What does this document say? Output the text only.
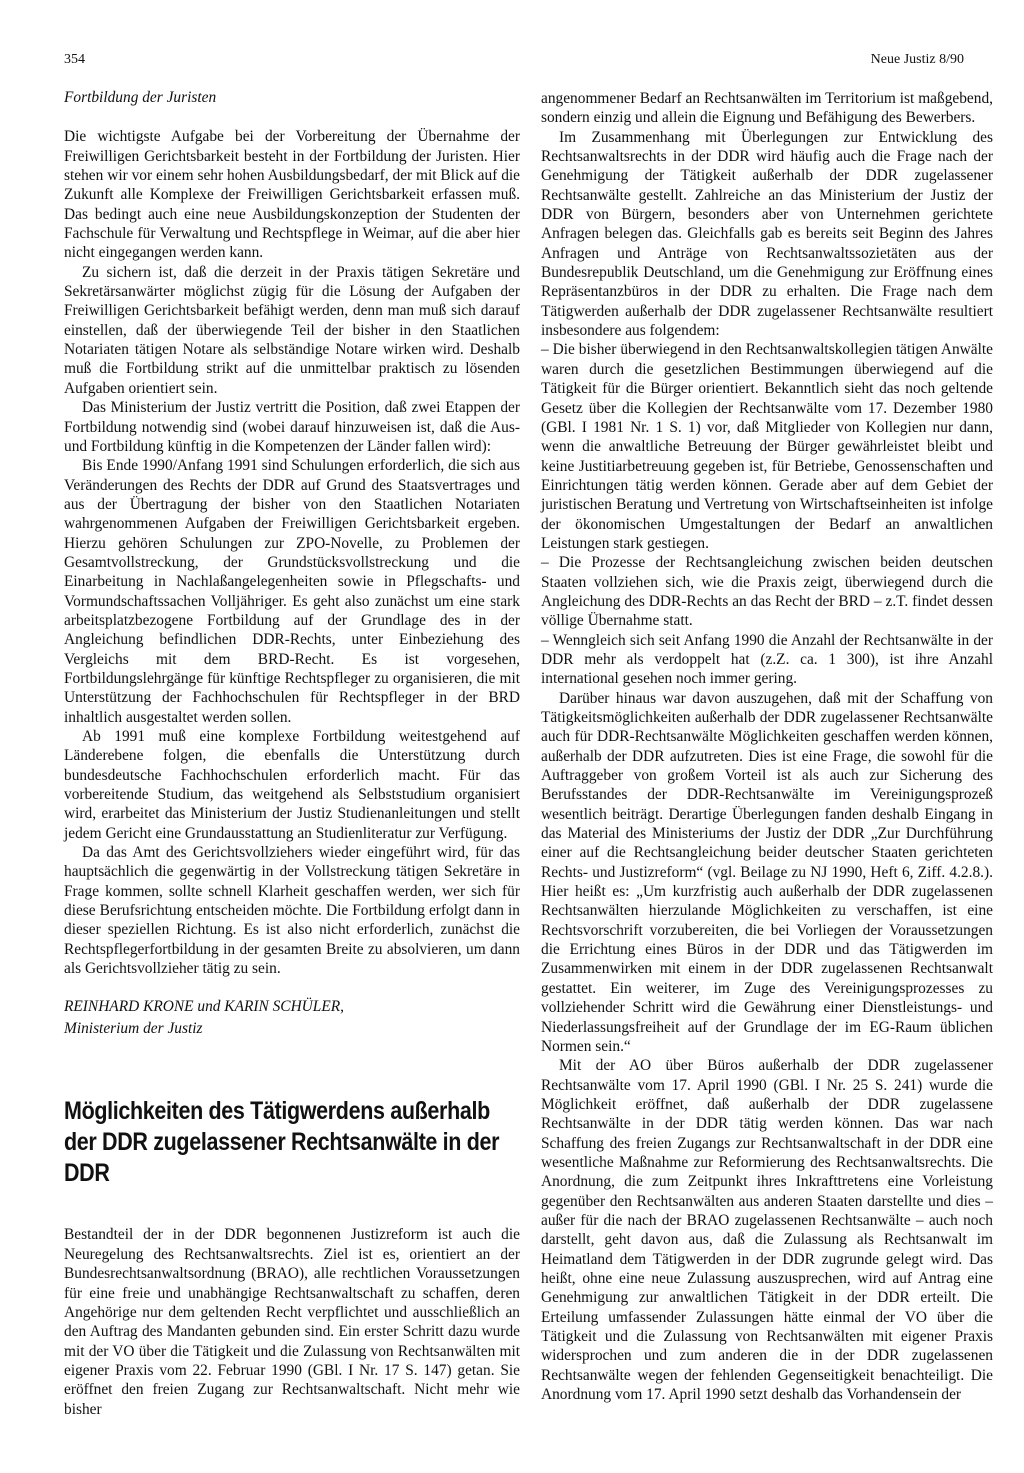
354	Neue Justiz 8/90

Fortbildung der Juristen

Die wichtigste Aufgabe bei der Vorbereitung der Übernahme der Freiwilligen Gerichtsbarkeit besteht in der Fortbildung der Juristen. Hier stehen wir vor einem sehr hohen Ausbildungsbedarf, der mit Blick auf die Zukunft alle Komplexe der Freiwilligen Gerichtsbarkeit erfassen muß. Das bedingt auch eine neue Ausbildungskonzeption der Studenten der Fachschule für Verwaltung und Rechtspflege in Weimar, auf die aber hier nicht eingegangen werden kann.

Zu sichern ist, daß die derzeit in der Praxis tätigen Sekretäre und Sekretärsanwärter möglichst zügig für die Lösung der Aufgaben der Freiwilligen Gerichtsbarkeit befähigt werden, denn man muß sich darauf einstellen, daß der überwiegende Teil der bisher in den Staatlichen Notariaten tätigen Notare als selbständige Notare wirken wird. Deshalb muß die Fortbildung strikt auf die unmittelbar praktisch zu lösenden Aufgaben orientiert sein.

Das Ministerium der Justiz vertritt die Position, daß zwei Etappen der Fortbildung notwendig sind (wobei darauf hinzuweisen ist, daß die Aus- und Fortbildung künftig in die Kompetenzen der Länder fallen wird):

Bis Ende 1990/Anfang 1991 sind Schulungen erforderlich, die sich aus Veränderungen des Rechts der DDR auf Grund des Staatsvertrages und aus der Übertragung der bisher von den Staatlichen Notariaten wahrgenommenen Aufgaben der Freiwilligen Gerichtsbarkeit ergeben. Hierzu gehören Schulungen zur ZPO-Novelle, zu Problemen der Gesamtvollstreckung, der Grundstücksvollstreckung und die Einarbeitung in Nachlaßangelegenheiten sowie in Pflegschafts- und Vormundschaftssachen Volljähriger. Es geht also zunächst um eine stark arbeitsplatzbezogene Fortbildung auf der Grundlage des in der Angleichung befindlichen DDR-Rechts, unter Einbeziehung des Vergleichs mit dem BRD-Recht. Es ist vorgesehen, Fortbildungslehrgänge für künftige Rechtspfleger zu organisieren, die mit Unterstützung der Fachhochschulen für Rechtspfleger in der BRD inhaltlich ausgestaltet werden sollen.

Ab 1991 muß eine komplexe Fortbildung weitestgehend auf Länderebene folgen, die ebenfalls die Unterstützung durch bundesdeutsche Fachhochschulen erforderlich macht. Für das vorbereitende Studium, das weitgehend als Selbststudium organisiert wird, erarbeitet das Ministerium der Justiz Studienanleitungen und stellt jedem Gericht eine Grundausstattung an Studienliteratur zur Verfügung.

Da das Amt des Gerichtsvollziehers wieder eingeführt wird, für das hauptsächlich die gegenwärtig in der Vollstreckung tätigen Sekretäre in Frage kommen, sollte schnell Klarheit geschaffen werden, wer sich für diese Berufsrichtung entscheiden möchte. Die Fortbildung erfolgt dann in dieser speziellen Richtung. Es ist also nicht erforderlich, zunächst die Rechtspflegerfortbildung in der gesamten Breite zu absolvieren, um dann als Gerichtsvollzieher tätig zu sein.

REINHARD KRONE und KARIN SCHÜLER,

Ministerium der Justiz

Möglichkeiten des Tätigwerdens außerhalb der DDR zugelassener Rechtsanwälte in der DDR

Bestandteil der in der DDR begonnenen Justizreform ist auch die Neuregelung des Rechtsanwaltsrechts. Ziel ist es, orientiert an der Bundesrechtsanwaltsordnung (BRAO), alle rechtlichen Voraussetzungen für eine freie und unabhängige Rechtsanwaltschaft zu schaffen, deren Angehörige nur dem geltenden Recht verpflichtet und ausschließlich an den Auftrag des Mandanten gebunden sind. Ein erster Schritt dazu wurde mit der VO über die Tätigkeit und die Zulassung von Rechtsanwälten mit eigener Praxis vom 22. Februar 1990 (GBl. I Nr. 17 S. 147) getan. Sie eröffnet den freien Zugang zur Rechtsanwaltschaft. Nicht mehr wie bisher

angenommener Bedarf an Rechtsanwälten im Territorium ist maßgebend, sondern einzig und allein die Eignung und Befähigung des Bewerbers.

Im Zusammenhang mit Überlegungen zur Entwicklung des Rechtsanwaltsrechts in der DDR wird häufig auch die Frage nach der Genehmigung der Tätigkeit außerhalb der DDR zugelassener Rechtsanwälte gestellt. Zahlreiche an das Ministerium der Justiz der DDR von Bürgern, besonders aber von Unternehmen gerichtete Anfragen belegen das. Gleichfalls gab es bereits seit Beginn des Jahres Anfragen und Anträge von Rechtsanwaltssozietäten aus der Bundesrepublik Deutschland, um die Genehmigung zur Eröffnung eines Repräsentanzbüros in der DDR zu erhalten. Die Frage nach dem Tätigwerden außerhalb der DDR zugelassener Rechtsanwälte resultiert insbesondere aus folgendem:

– Die bisher überwiegend in den Rechtsanwaltskollegien tätigen Anwälte waren durch die gesetzlichen Bestimmungen überwiegend auf die Tätigkeit für die Bürger orientiert. Bekanntlich sieht das noch geltende Gesetz über die Kollegien der Rechtsanwälte vom 17. Dezember 1980 (GBl. I 1981 Nr. 1 S. 1) vor, daß Mitglieder von Kollegien nur dann, wenn die anwaltliche Betreuung der Bürger gewährleistet bleibt und keine Justitiarbetreuung gegeben ist, für Betriebe, Genossenschaften und Einrichtungen tätig werden können. Gerade aber auf dem Gebiet der juristischen Beratung und Vertretung von Wirtschaftseinheiten ist infolge der ökonomischen Umgestaltungen der Bedarf an anwaltlichen Leistungen stark gestiegen.

– Die Prozesse der Rechtsangleichung zwischen beiden deutschen Staaten vollziehen sich, wie die Praxis zeigt, überwiegend durch die Angleichung des DDR-Rechts an das Recht der BRD – z.T. findet dessen völlige Übernahme statt.

– Wenngleich sich seit Anfang 1990 die Anzahl der Rechtsanwälte in der DDR mehr als verdoppelt hat (z.Z. ca. 1 300), ist ihre Anzahl international gesehen noch immer gering.

Darüber hinaus war davon auszugehen, daß mit der Schaffung von Tätigkeitsmöglichkeiten außerhalb der DDR zugelassener Rechtsanwälte auch für DDR-Rechtsanwälte Möglichkeiten geschaffen werden können, außerhalb der DDR aufzutreten. Dies ist eine Frage, die sowohl für die Auftraggeber von großem Vorteil ist als auch zur Sicherung des Berufsstandes der DDR-Rechtsanwälte im Vereinigungsprozeß wesentlich beiträgt. Derartige Überlegungen fanden deshalb Eingang in das Material des Ministeriums der Justiz der DDR „Zur Durchführung einer auf die Rechtsangleichung beider deutscher Staaten gerichteten Rechts- und Justizreform“ (vgl. Beilage zu NJ 1990, Heft 6, Ziff. 4.2.8.). Hier heißt es: „Um kurzfristig auch außerhalb der DDR zugelassenen Rechtsanwälten hierzulande Möglichkeiten zu verschaffen, ist eine Rechtsvorschrift vorzubereiten, die bei Vorliegen der Voraussetzungen die Errichtung eines Büros in der DDR und das Tätigwerden im Zusammenwirken mit einem in der DDR zugelassenen Rechtsanwalt gestattet. Ein weiterer, im Zuge des Vereinigungsprozesses zu vollziehender Schritt wird die Gewährung einer Dienstleistungs- und Niederlassungsfreiheit auf der Grundlage der im EG-Raum üblichen Normen sein.“

Mit der AO über Büros außerhalb der DDR zugelassener Rechtsanwälte vom 17. April 1990 (GBl. I Nr. 25 S. 241) wurde die Möglichkeit eröffnet, daß außerhalb der DDR zugelassene Rechtsanwälte in der DDR tätig werden können. Das war nach Schaffung des freien Zugangs zur Rechtsanwaltschaft in der DDR eine wesentliche Maßnahme zur Reformierung des Rechtsanwaltsrechts. Die Anordnung, die zum Zeitpunkt ihres Inkrafttretens eine Vorleistung gegenüber den Rechtsanwälten aus anderen Staaten darstellte und dies – außer für die nach der BRAO zugelassenen Rechtsanwälte – auch noch darstellt, geht davon aus, daß die Zulassung als Rechtsanwalt im Heimatland dem Tätigwerden in der DDR zugrunde gelegt wird. Das heißt, ohne eine neue Zulassung auszusprechen, wird auf Antrag eine Genehmigung zur anwaltlichen Tätigkeit in der DDR erteilt. Die Erteilung umfassender Zulassungen hätte einmal der VO über die Tätigkeit und die Zulassung von Rechtsanwälten mit eigener Praxis widersprochen und zum anderen die in der DDR zugelassenen Rechtsanwälte wegen der fehlenden Gegenseitigkeit benachteiligt. Die Anordnung vom 17. April 1990 setzt deshalb das Vorhandensein der
